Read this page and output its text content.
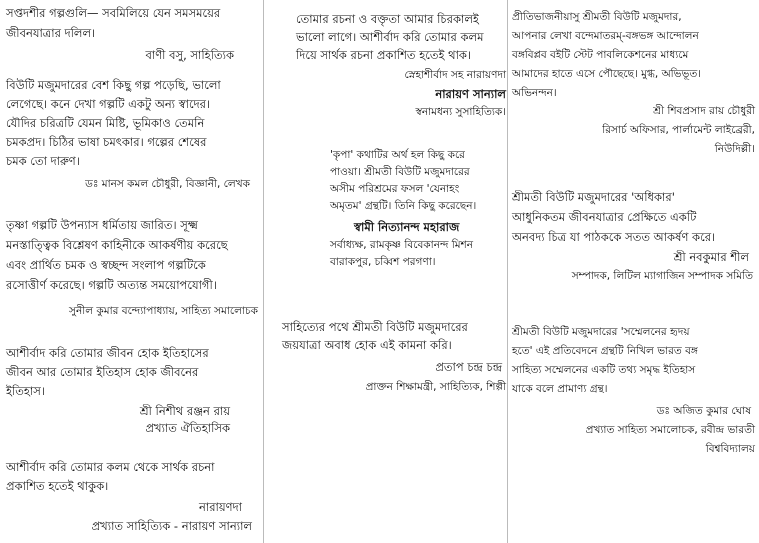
সপ্তদশীর গল্পগুলি— সবমিলিয়ে যেন সমসময়ের
জীবনযাত্রার দলিল।
বাণী বসু, সাহিত্যিক
বিউটি মজুমদারের বেশ কিছু গল্প পড়েছি, ভালো
লেগেছে। কনে দেখা গল্পটি একটু অন্য স্বাদের।
যৌদির চরিত্রটি যেমন মিষ্টি, ভূমিকাও তেমনি
চমকপ্রদ। চিঠির ভাষা চমৎকার। গল্পের শেষের
চমক তো দারুণ।
ডঃ মানস কমল চৌধুরী, বিজ্ঞানী, লেখক
তৃষ্ণা গল্পটি উপন্যাস ধর্মিতায় জারিত। সূক্ষ্ম
মনস্তাত্ত্বিক বিশ্লেষণ কাহিনীকে আকর্ষণীয় করেছে
এবং প্রার্থিত চমক ও স্বচ্ছন্দ সংলাপ গল্পটিকে
রসোত্তীর্ণ করেছে। গল্পটি অত্যন্ত সময়োপযোগী।
সুনীল কুমার বন্দ্যোপাধ্যায়, সাহিত্য সমালোচক
আশীর্বাদ করি তোমার জীবন হোক ইতিহাসের
জীবন আর তোমার ইতিহাস হোক জীবনের
ইতিহাস।
শ্রী নিশীথ রঞ্জন রায়
প্রখ্যাত ঐতিহাসিক
আশীর্বাদ করি তোমার কলম থেকে সার্থক রচনা
প্রকাশিত হতেই থাকুক।
নারায়ণদা
প্রখ্যাত সাহিত্যিক - নারায়ণ সান্যাল
তোমার রচনা ও বক্তৃতা আমার চিরকালই
ভালো লাগে। আশীর্বাদ করি তোমার কলম
দিয়ে সার্থক রচনা প্রকাশিত হতেই থাক।
স্নেহাশীর্বাদ সহ নারায়ণদা
নারায়ণ সান্যাল
স্বনামধন্য সুসাহিত্যিক।
'কৃপা' কথাটির অর্থ হল কিছু করে
পাওয়া। শ্রীমতী বিউটি মজুমদারের
অসীম পরিশ্রমের ফসল 'যেনাহং
অমৃতম' গ্রন্থটি। তিনি কিছু করেছেন।
স্বামী নিত্যানন্দ মহারাজ
সর্বাধ্যক্ষ, রামকৃষ্ণ বিবেকানন্দ মিশন
বারাকপুর, চব্বিশ পরগণা।
সাহিত্যের পথে শ্রীমতী বিউটি মজুমদারের
জয়যাত্রা অবাধ হোক এই কামনা করি।
প্রতাপ চন্দ্র চন্দ্র
প্রাক্তন শিক্ষামন্ত্রী, সাহিত্যিক, শিল্পী
প্রীতিভাজনীয়াসু শ্রীমতী বিউটি মজুমদার,
আপনার লেখা বন্দেমাতরম্-বঙ্গভঙ্গ আন্দোলন
বঙ্গবিপ্লব বইটি স্টেট পাবলিকেশনের মাধ্যমে
আমাদের হাতে এসে পৌছেছে। মুগ্ধ, অভিভূত।
অভিনন্দন।
শ্রী শিবপ্রসাদ রায় চৌধুরী
রিসার্চ অফিসার, পার্লামেন্ট লাইব্রেরী,
নিউদিল্লী।
শ্রীমতী বিউটি মজুমদারের 'অধিকার'
আধুনিকতম জীবনযাত্রার প্রেক্ষিতে একটি
অনবদ্য চিত্র যা পাঠককে সতত আকর্ষণ করে।
শ্রী নবকুমার শীল
সম্পাদক, লিটিল ম্যাগাজিন সম্পাদক সমিতি
শ্রীমতী বিউটি মজুমদারের 'সম্মেলনের হৃদয়
হতে' এই প্রতিবেদনে গ্রন্থটি নিখিল ভারত বঙ্গ
সাহিত্য সম্মেলনের একটি তথ্য সমৃদ্ধ ইতিহাস
যাকে বলে প্রামাণ্য গ্রন্থ।
ডঃ অজিত কুমার ঘোষ
প্রখ্যাত সাহিত্য সমালোচক, রবীন্দ্র ভারতী
বিশ্ববিদ্যালয়
